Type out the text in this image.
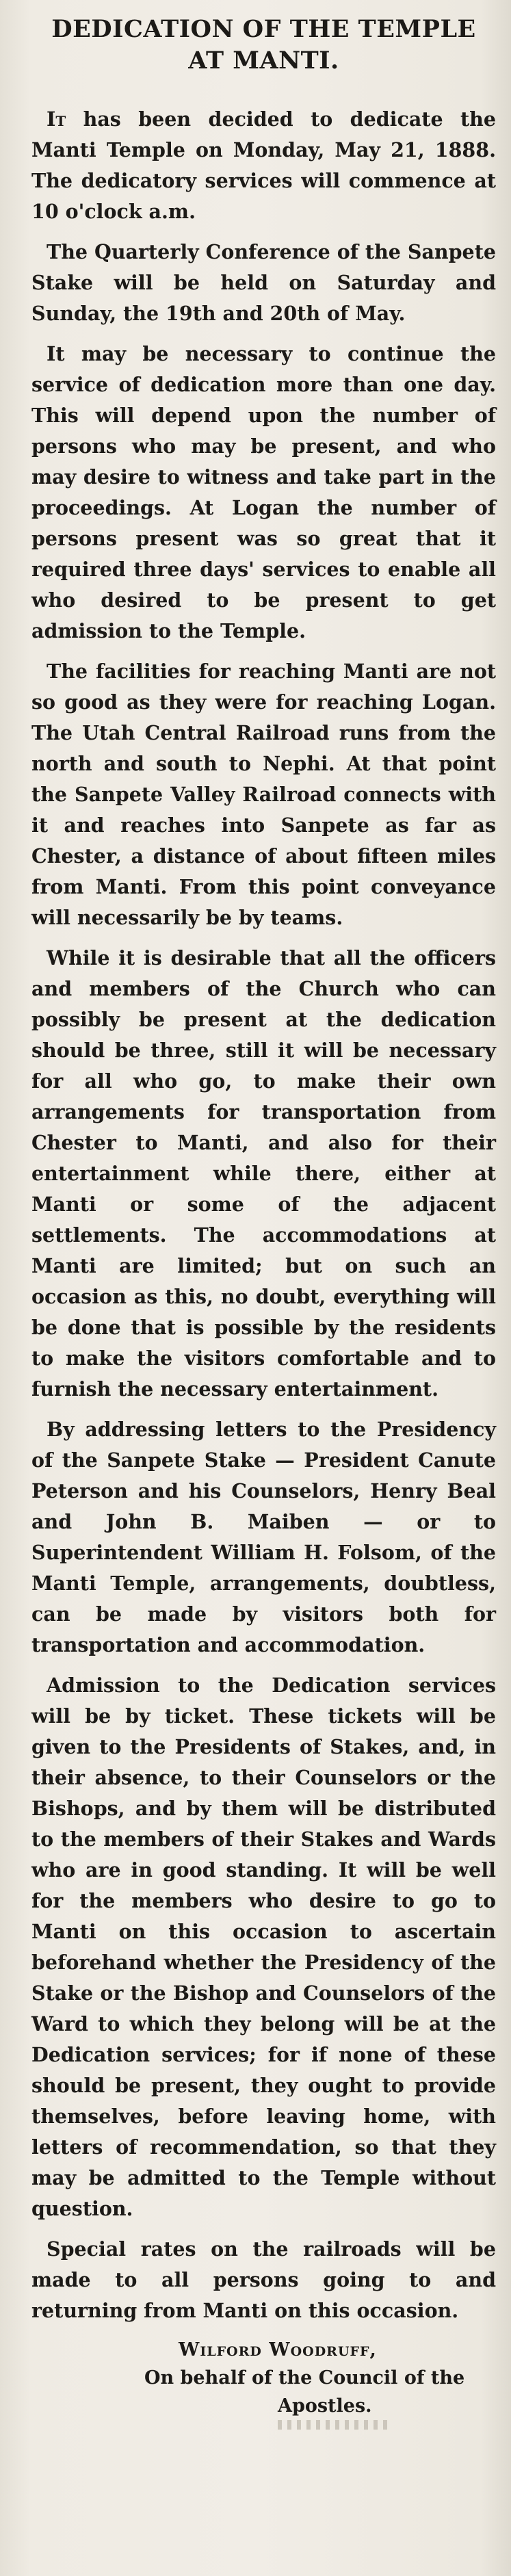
DEDICATION OF THE TEMPLE
AT MANTI.

It has been decided to dedicate the Manti Temple on Monday, May 21, 1888. The dedicatory services will commence at 10 o'clock a.m.

The Quarterly Conference of the Sanpete Stake will be held on Saturday and Sunday, the 19th and 20th of May.

It may be necessary to continue the service of dedication more than one day. This will depend upon the number of persons who may be present, and who may desire to witness and take part in the proceedings. At Logan the number of persons present was so great that it required three days' services to enable all who desired to be present to get admission to the Temple.

The facilities for reaching Manti are not so good as they were for reaching Logan. The Utah Central Railroad runs from the north and south to Nephi. At that point the Sanpete Valley Railroad connects with it and reaches into Sanpete as far as Chester, a distance of about fifteen miles from Manti. From this point conveyance will necessarily be by teams.

While it is desirable that all the officers and members of the Church who can possibly be present at the dedication should be three, still it will be necessary for all who go, to make their own arrangements for transportation from Chester to Manti, and also for their entertainment while there, either at Manti or some of the adjacent settlements. The accommodations at Manti are limited; but on such an occasion as this, no doubt, everything will be done that is possible by the residents to make the visitors comfortable and to furnish the necessary entertainment.

By addressing letters to the Presidency of the Sanpete Stake — President Canute Peterson and his Counselors, Henry Beal and John B. Maiben — or to Superintendent William H. Folsom, of the Manti Temple, arrangements, doubtless, can be made by visitors both for transportation and accommodation.

Admission to the Dedication services will be by ticket. These tickets will be given to the Presidents of Stakes, and, in their absence, to their Counselors or the Bishops, and by them will be distributed to the members of their Stakes and Wards who are in good standing. It will be well for the members who desire to go to Manti on this occasion to ascertain beforehand whether the Presidency of the Stake or the Bishop and Counselors of the Ward to which they belong will be at the Dedication services; for if none of these should be present, they ought to provide themselves, before leaving home, with letters of recommendation, so that they may be admitted to the Temple without question.

Special rates on the railroads will be made to all persons going to and returning from Manti on this occasion.

Wilford Woodruff,
On behalf of the Council of the
Apostles.
